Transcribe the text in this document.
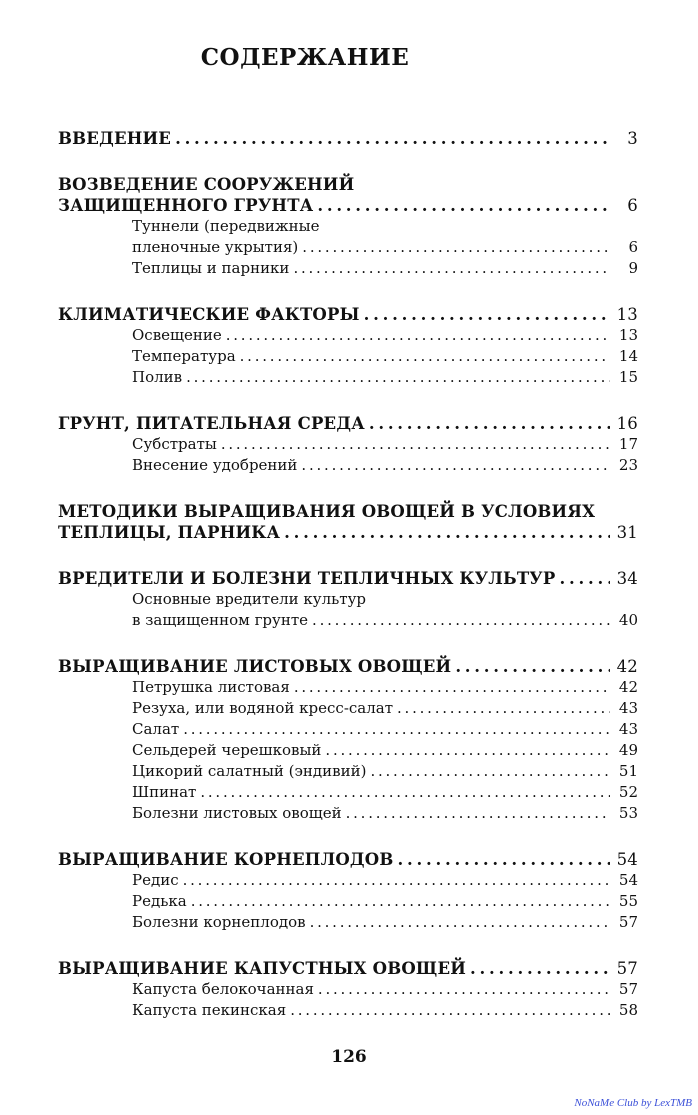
СОДЕРЖАНИЕ
ВВЕДЕНИЕ . . .	3
ВОЗВЕДЕНИЕ СООРУЖЕНИЙ
ЗАЩИЩЕННОГО ГРУНТА . . .	6
Туннели (передвижные
пленочные укрытия) . . .	6
Теплицы и парники . . .	9
КЛИМАТИЧЕСКИЕ ФАКТОРЫ . . .	13
Освещение . . .	13
Температура . . .	14
Полив . . .	15
ГРУНТ, ПИТАТЕЛЬНАЯ СРЕДА . . .	16
Субстраты . . .	17
Внесение удобрений . . .	23
МЕТОДИКИ ВЫРАЩИВАНИЯ ОВОЩЕЙ В УСЛОВИЯХ
ТЕПЛИЦЫ, ПАРНИКА . . .	31
ВРЕДИТЕЛИ И БОЛЕЗНИ ТЕПЛИЧНЫХ КУЛЬТУР . . .	34
Основные вредители культур
в защищенном грунте . . .	40
ВЫРАЩИВАНИЕ ЛИСТОВЫХ ОВОЩЕЙ . . .	42
Петрушка листовая . . .	42
Резуха, или водяной кресс-салат . . .	43
Салат . . .	43
Сельдерей черешковый . . .	49
Цикорий салатный (эндивий) . . .	51
Шпинат . . .	52
Болезни листовых овощей . . .	53
ВЫРАЩИВАНИЕ КОРНЕПЛОДОВ . . .	54
Редис . . .	54
Редька . . .	55
Болезни корнеплодов . . .	57
ВЫРАЩИВАНИЕ КАПУСТНЫХ ОВОЩЕЙ . . .	57
Капуста белокочанная . . .	57
Капуста пекинская . . .	58
126
NoNaMe Club by LexTMB
